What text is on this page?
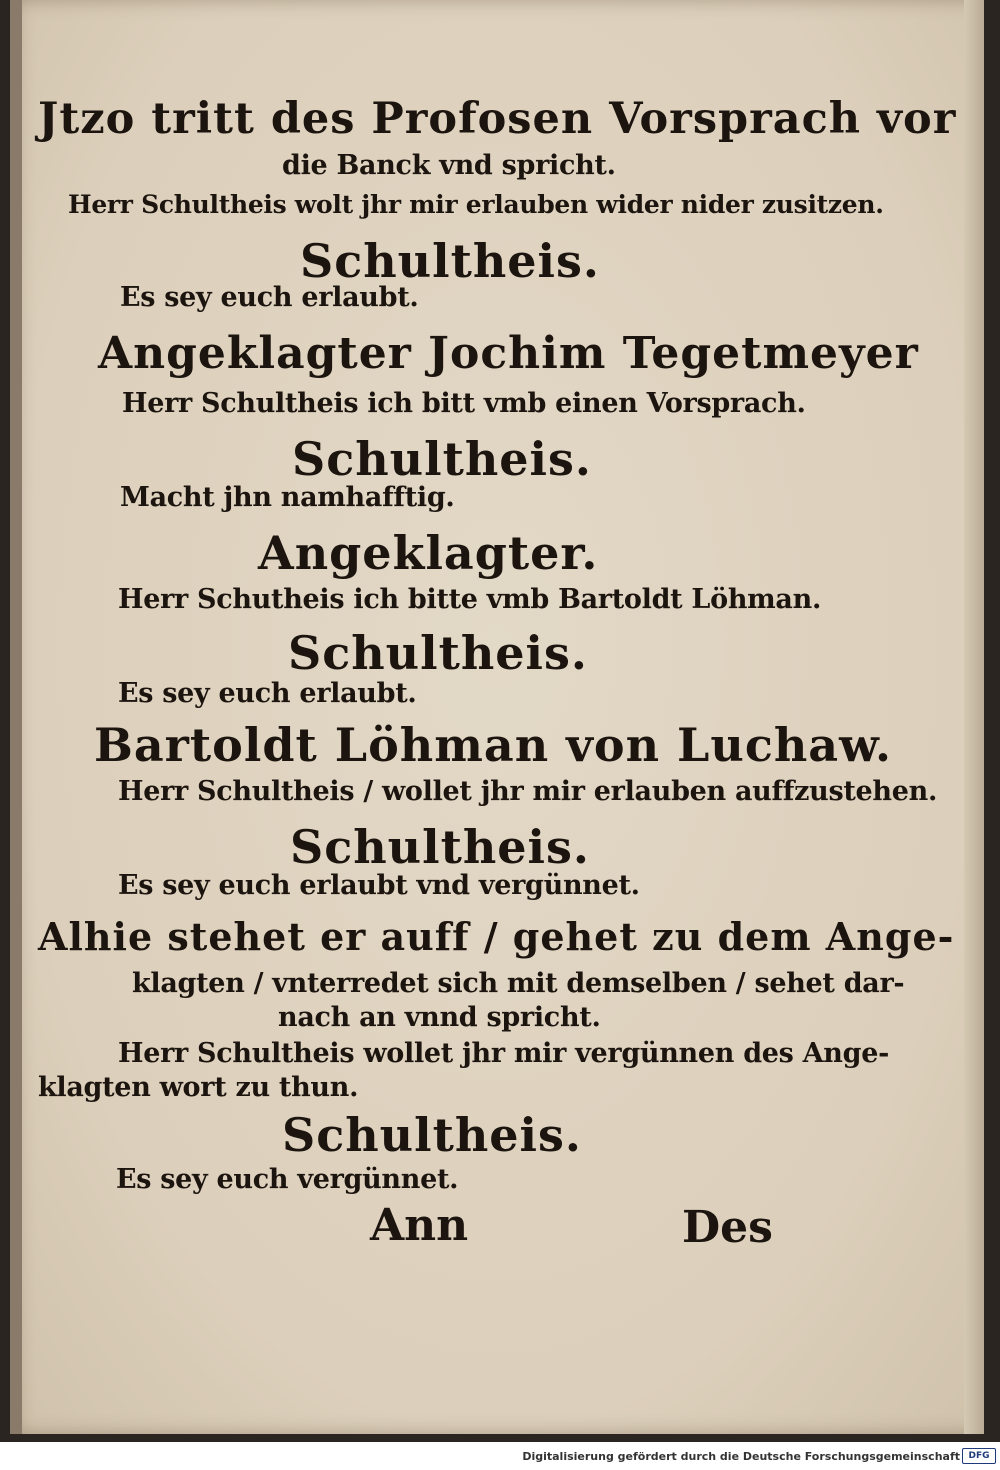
Jtzo tritt des Profosen Vorsprach vor
die Banck vnd spricht.
Herr Schultheis wolt jhr mir erlauben wider nider zusitzen.
Schultheis.
Es sey euch erlaubt.
Angeklagter Jochim Tegetmeyer
Herr Schultheis ich bitt vmb einen Vorsprach.
Schultheis.
Macht jhn namhafftig.
Angeklagter.
Herr Schutheis ich bitte vmb Bartoldt Löhman.
Schultheis.
Es sey euch erlaubt.
Bartoldt Löhman von Luchaw.
Herr Schultheis / wollet jhr mir erlauben auffzustehen.
Schultheis.
Es sey euch erlaubt vnd vergünnet.
Alhie stehet er auff / gehet zu dem Ange-
klagten / vnterredet sich mit demselben / sehet dar-
nach an vnnd spricht.
Herr Schultheis wollet jhr mir vergünnen des Ange-
klagten wort zu thun.
Schultheis.
Es sey euch vergünnet.
Ann	Des
Digitalisierung gefördert durch die Deutsche Forschungsgemeinschaft DFG
